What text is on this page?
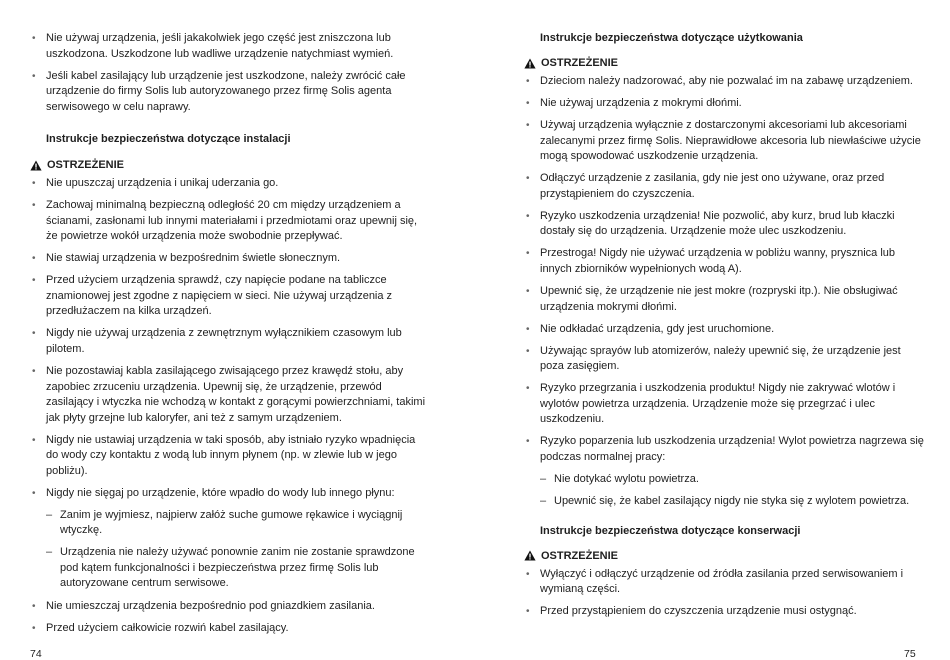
• Nie używaj urządzenia, jeśli jakakolwiek jego część jest zniszczona lub uszkodzona. Uszkodzone lub wadliwe urządzenie natychmiast wymień.
• Jeśli kabel zasilający lub urządzenie jest uszkodzone, należy zwrócić całe urządzenie do firmy Solis lub autoryzowanego przez firmę Solis agenta serwisowego w celu naprawy.
Instrukcje bezpieczeństwa dotyczące instalacji
OSTRZEŻENIE
• Nie upuszczaj urządzenia i unikaj uderzania go.
• Zachowaj minimalną bezpieczną odległość 20 cm między urządzeniem a ścianami, zasłonami lub innymi materiałami i przedmiotami oraz upewnij się, że powietrze wokół urządzenia może swobodnie przepływać.
• Nie stawiaj urządzenia w bezpośrednim świetle słonecznym.
• Przed użyciem urządzenia sprawdź, czy napięcie podane na tabliczce znamionowej jest zgodne z napięciem w sieci. Nie używaj urządzenia z przedłużaczem na kilka urządzeń.
• Nigdy nie używaj urządzenia z zewnętrznym wyłącznikiem czasowym lub pilotem.
• Nie pozostawiaj kabla zasilającego zwisającego przez krawędź stołu, aby zapobiec zrzuceniu urządzenia. Upewnij się, że urządzenie, przewód zasilający i wtyczka nie wchodzą w kontakt z gorącymi powierzchniami, takimi jak płyty grzejne lub kaloryfer, ani też z samym urządzeniem.
• Nigdy nie ustawiaj urządzenia w taki sposób, aby istniało ryzyko wpadnięcia do wody czy kontaktu z wodą lub innym płynem (np. w zlewie lub w jego pobliżu).
• Nigdy nie sięgaj po urządzenie, które wpadło do wody lub innego płynu:
– Zanim je wyjmiesz, najpierw załóż suche gumowe rękawice i wyciągnij wtyczkę.
– Urządzenia nie należy używać ponownie zanim nie zostanie sprawdzone pod kątem funkcjonalności i bezpieczeństwa przez firmę Solis lub autoryzowane centrum serwisowe.
• Nie umieszczaj urządzenia bezpośrednio pod gniazdkiem zasilania.
• Przed użyciem całkowicie rozwiń kabel zasilający.
Instrukcje bezpieczeństwa dotyczące użytkowania
OSTRZEŻENIE
• Dzieciom należy nadzorować, aby nie pozwalać im na zabawę urządzeniem.
• Nie używaj urządzenia z mokrymi dłońmi.
• Używaj urządzenia wyłącznie z dostarczonymi akcesoriami lub akcesoriami zalecanymi przez firmę Solis. Nieprawidłowe akcesoria lub niewłaściwe użycie mogą spowodować uszkodzenie urządzenia.
• Odłączyć urządzenie z zasilania, gdy nie jest ono używane, oraz przed przystąpieniem do czyszczenia.
• Ryzyko uszkodzenia urządzenia! Nie pozwolić, aby kurz, brud lub kłaczki dostały się do urządzenia. Urządzenie może ulec uszkodzeniu.
• Przestroga! Nigdy nie używać urządzenia w pobliżu wanny, prysznica lub innych zbiorników wypełnionych wodą A).
• Upewnić się, że urządzenie nie jest mokre (rozpryski itp.). Nie obsługiwać urządzenia mokrymi dłońmi.
• Nie odkładać urządzenia, gdy jest uruchomione.
• Używając sprayów lub atomizerów, należy upewnić się, że urządzenie jest poza zasięgiem.
• Ryzyko przegrzania i uszkodzenia produktu! Nigdy nie zakrywać wlotów i wylotów powietrza urządzenia. Urządzenie może się przegrzać i ulec uszkodzeniu.
• Ryzyko poparzenia lub uszkodzenia urządzenia! Wylot powietrza nagrzewa się podczas normalnej pracy:
– Nie dotykać wylotu powietrza.
– Upewnić się, że kabel zasilający nigdy nie styka się z wylotem powietrza.
Instrukcje bezpieczeństwa dotyczące konserwacji
OSTRZEŻENIE
• Wyłączyć i odłączyć urządzenie od źródła zasilania przed serwisowaniem i wymianą części.
• Przed przystąpieniem do czyszczenia urządzenie musi ostygnąć.
74	75
